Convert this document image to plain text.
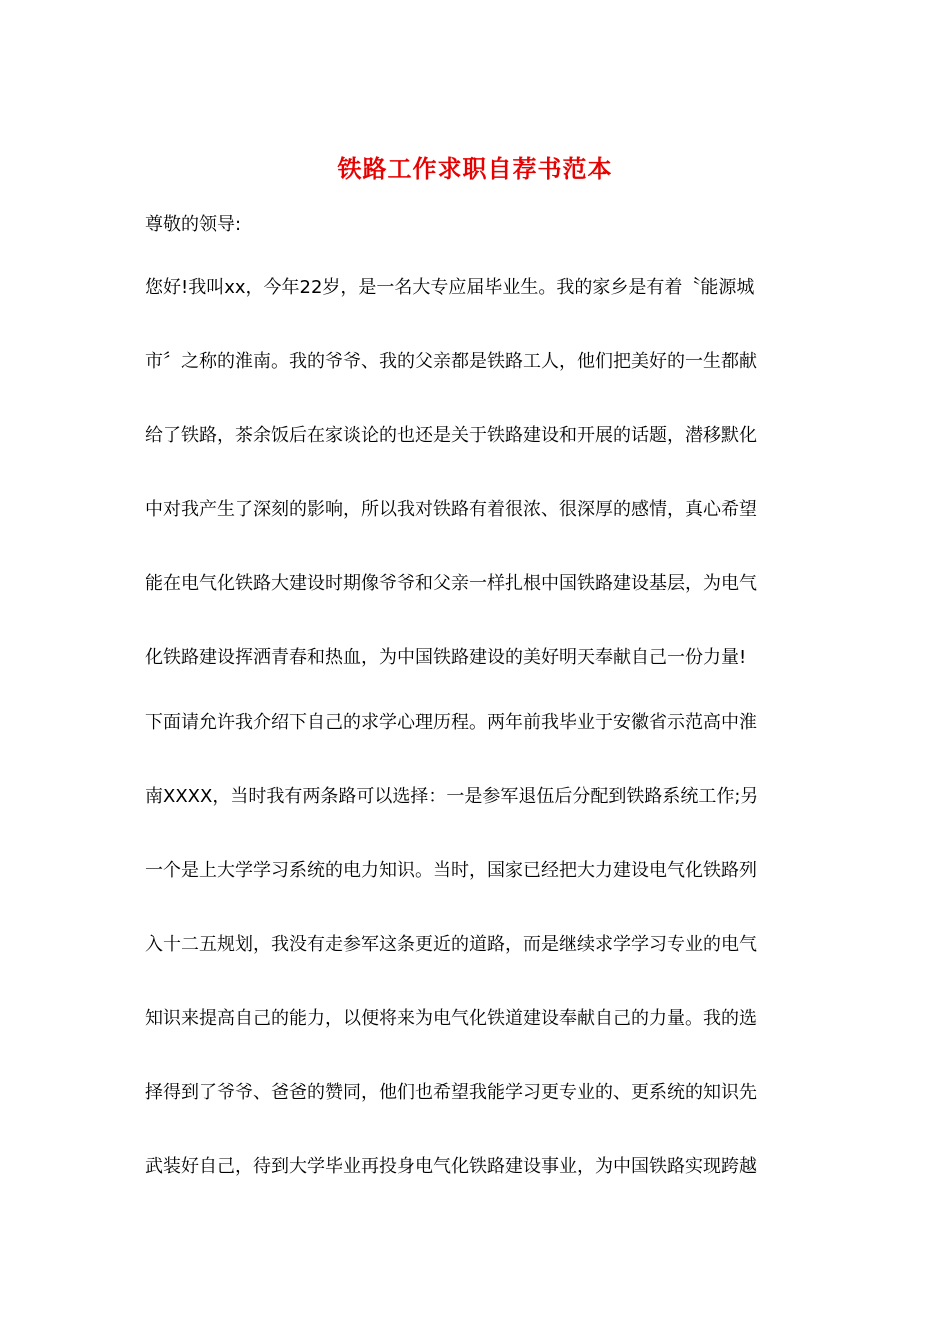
铁路工作求职自荐书范本
尊敬的领导:
您好!我叫xx，今年22岁，是一名大专应届毕业生。我的家乡是有着〝能源城
市〞之称的淮南。我的爷爷、我的父亲都是铁路工人，他们把美好的一生都献
给了铁路，茶余饭后在家谈论的也还是关于铁路建设和开展的话题，潜移默化
中对我产生了深刻的影响，所以我对铁路有着很浓、很深厚的感情，真心希望
能在电气化铁路大建设时期像爷爷和父亲一样扎根中国铁路建设基层，为电气
化铁路建设挥洒青春和热血，为中国铁路建设的美好明天奉献自己一份力量!
下面请允许我介绍下自己的求学心理历程。两年前我毕业于安徽省示范高中淮
南XXXX，当时我有两条路可以选择：一是参军退伍后分配到铁路系统工作;另
一个是上大学学习系统的电力知识。当时，国家已经把大力建设电气化铁路列
入十二五规划，我没有走参军这条更近的道路，而是继续求学学习专业的电气
知识来提高自己的能力，以便将来为电气化铁道建设奉献自己的力量。我的选
择得到了爷爷、爸爸的赞同，他们也希望我能学习更专业的、更系统的知识先
武装好自己，待到大学毕业再投身电气化铁路建设事业，为中国铁路实现跨越
